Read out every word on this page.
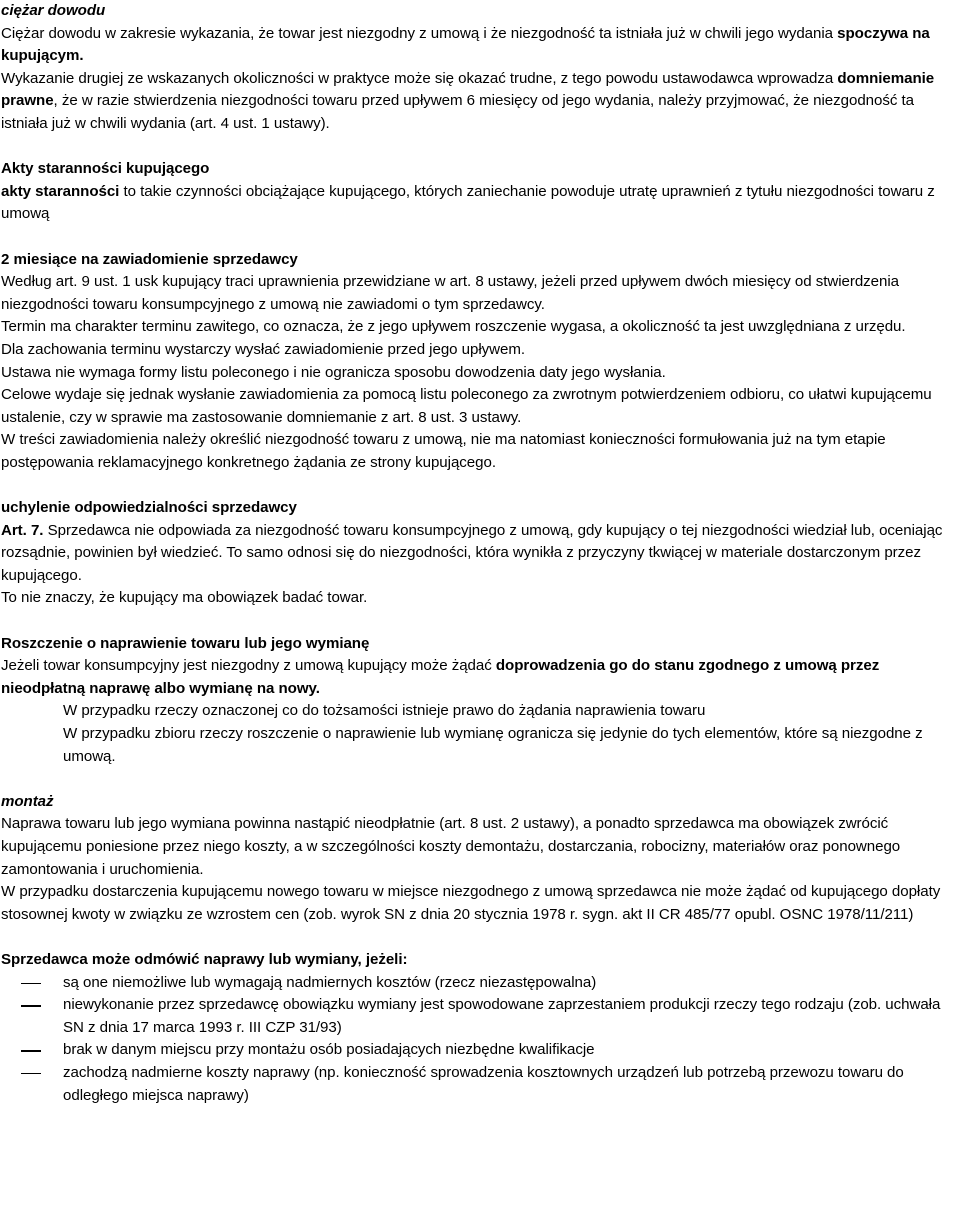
ciężar dowodu

Ciężar dowodu w zakresie wykazania, że towar jest niezgodny z umową i że niezgodność ta istniała już w chwili jego wydania spoczywa na kupującym.

Wykazanie drugiej ze wskazanych okoliczności w praktyce może się okazać trudne, z tego powodu ustawodawca wprowadza domniemanie prawne, że w razie stwierdzenia niezgodności towaru przed upływem 6 miesięcy od jego wydania, należy przyjmować, że niezgodność ta istniała już w chwili wydania (art. 4 ust. 1 ustawy).

Akty staranności kupującego

akty staranności to takie czynności obciążające kupującego, których zaniechanie powoduje utratę uprawnień z tytułu niezgodności towaru z umową

2 miesiące na zawiadomienie sprzedawcy

Według art. 9 ust. 1 usk kupujący traci uprawnienia przewidziane w art. 8 ustawy, jeżeli przed upływem dwóch miesięcy od stwierdzenia niezgodności towaru konsumpcyjnego z umową nie zawiadomi o tym sprzedawcy.

Termin ma charakter terminu zawitego, co oznacza, że z jego upływem roszczenie wygasa, a okoliczność ta jest uwzględniana z urzędu.

Dla zachowania terminu wystarczy wysłać zawiadomienie przed jego upływem.

Ustawa nie wymaga formy listu poleconego i nie ogranicza sposobu dowodzenia daty jego wysłania.

Celowe wydaje się jednak wysłanie zawiadomienia za pomocą listu poleconego za zwrotnym potwierdzeniem odbioru, co ułatwi kupującemu ustalenie, czy w sprawie ma zastosowanie domniemanie z art. 8 ust. 3 ustawy.

W treści zawiadomienia należy określić niezgodność towaru z umową, nie ma natomiast konieczności formułowania już na tym etapie postępowania reklamacyjnego konkretnego żądania ze strony kupującego.

uchylenie odpowiedzialności sprzedawcy

Art. 7. Sprzedawca nie odpowiada za niezgodność towaru konsumpcyjnego z umową, gdy kupujący o tej niezgodności wiedział lub, oceniając rozsądnie, powinien był wiedzieć. To samo odnosi się do niezgodności, która wynikła z przyczyny tkwiącej w materiale dostarczonym przez kupującego.

To nie znaczy, że kupujący ma obowiązek badać towar.

Roszczenie o naprawienie towaru lub jego wymianę

Jeżeli towar konsumpcyjny jest niezgodny z umową kupujący może żądać doprowadzenia go do stanu zgodnego z umową przez nieodpłatną naprawę albo wymianę na nowy.

W przypadku rzeczy oznaczonej co do tożsamości istnieje prawo do żądania naprawienia towaru

W przypadku zbioru rzeczy roszczenie o naprawienie lub wymianę ogranicza się jedynie do tych elementów, które są niezgodne z umową.

montaż

Naprawa towaru lub jego wymiana powinna nastąpić nieodpłatnie (art. 8 ust. 2 ustawy), a ponadto sprzedawca ma obowiązek zwrócić kupującemu poniesione przez niego koszty, a w szczególności koszty demontażu, dostarczania, robocizny, materiałów oraz ponownego zamontowania i uruchomienia.

W przypadku dostarczenia kupującemu nowego towaru w miejsce niezgodnego z umową sprzedawca nie może żądać od kupującego dopłaty stosownej kwoty w związku ze wzrostem cen (zob. wyrok SN z dnia 20 stycznia 1978 r. sygn. akt II CR 485/77 opubl. OSNC 1978/11/211)

Sprzedawca może odmówić naprawy lub wymiany, jeżeli:

są one niemożliwe lub wymagają nadmiernych kosztów (rzecz niezastępowalna)
niewykonanie przez sprzedawcę obowiązku wymiany jest spowodowane zaprzestaniem produkcji rzeczy tego rodzaju (zob. uchwała SN z dnia 17 marca 1993 r. III CZP 31/93)
brak w danym miejscu przy montażu osób posiadających niezbędne kwalifikacje
zachodzą nadmierne koszty naprawy (np. konieczność sprowadzenia kosztownych urządzeń lub potrzebą przewozu towaru do odległego miejsca naprawy)
